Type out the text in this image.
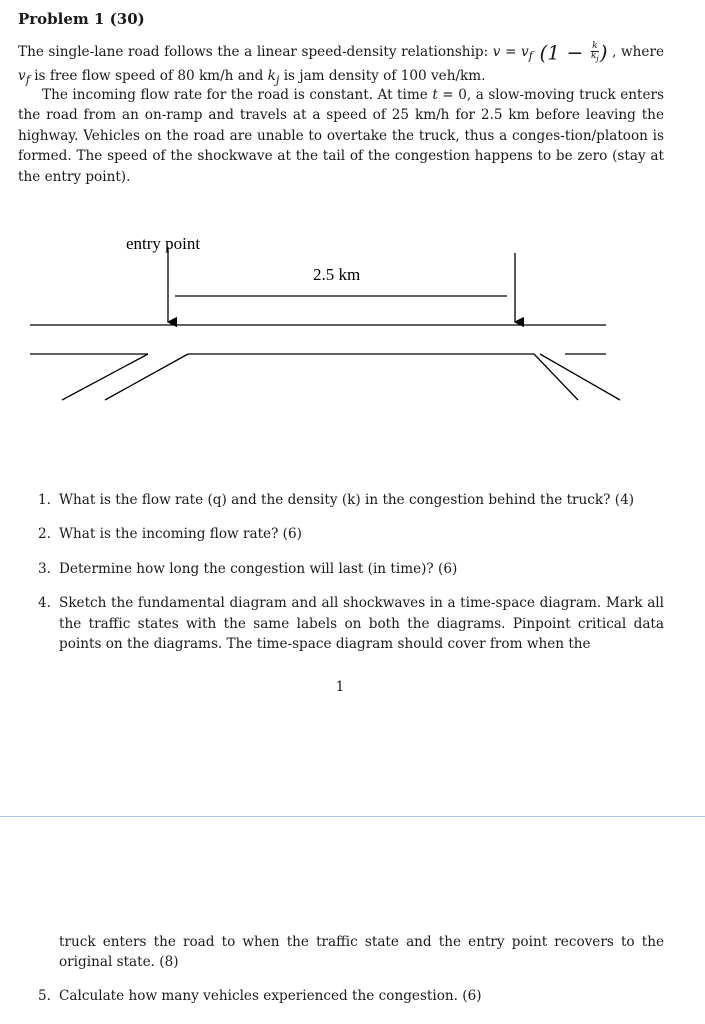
Problem 1 (30)

The single-lane road follows the a linear speed-density relationship: $v = v_f$ ($1 - \frac{k}{k_j}$ ) , where $v_f$ is free flow speed of 80 km/h and $k_j$ is jam density of 100 veh/km.

The incoming flow rate for the road is constant. At time t = 0, a slow-moving truck enters the road from an on-ramp and travels at a speed of 25 km/h for 2.5 km before leaving the highway. Vehicles on the road are unable to overtake the truck, thus a conges-tion/platoon is formed. The speed of the shockwave at the tail of the congestion happens to be zero (stay at the entry point).

entry point
2.5 km
1. What is the flow rate (q) and the density (k) in the congestion behind the truck? (4)
2. What is the incoming flow rate? (6)
3. Determine how long the congestion will last (in time)? (6)
4. Sketch the fundamental diagram and all shockwaves in a time-space diagram. Mark all the traffic states with the same labels on both the diagrams. Pinpoint critical data points on the diagrams. The time-space diagram should cover from when the
1

truck enters the road to when the traffic state and the entry point recovers to the original state. (8)

5. Calculate how many vehicles experienced the congestion. (6)
